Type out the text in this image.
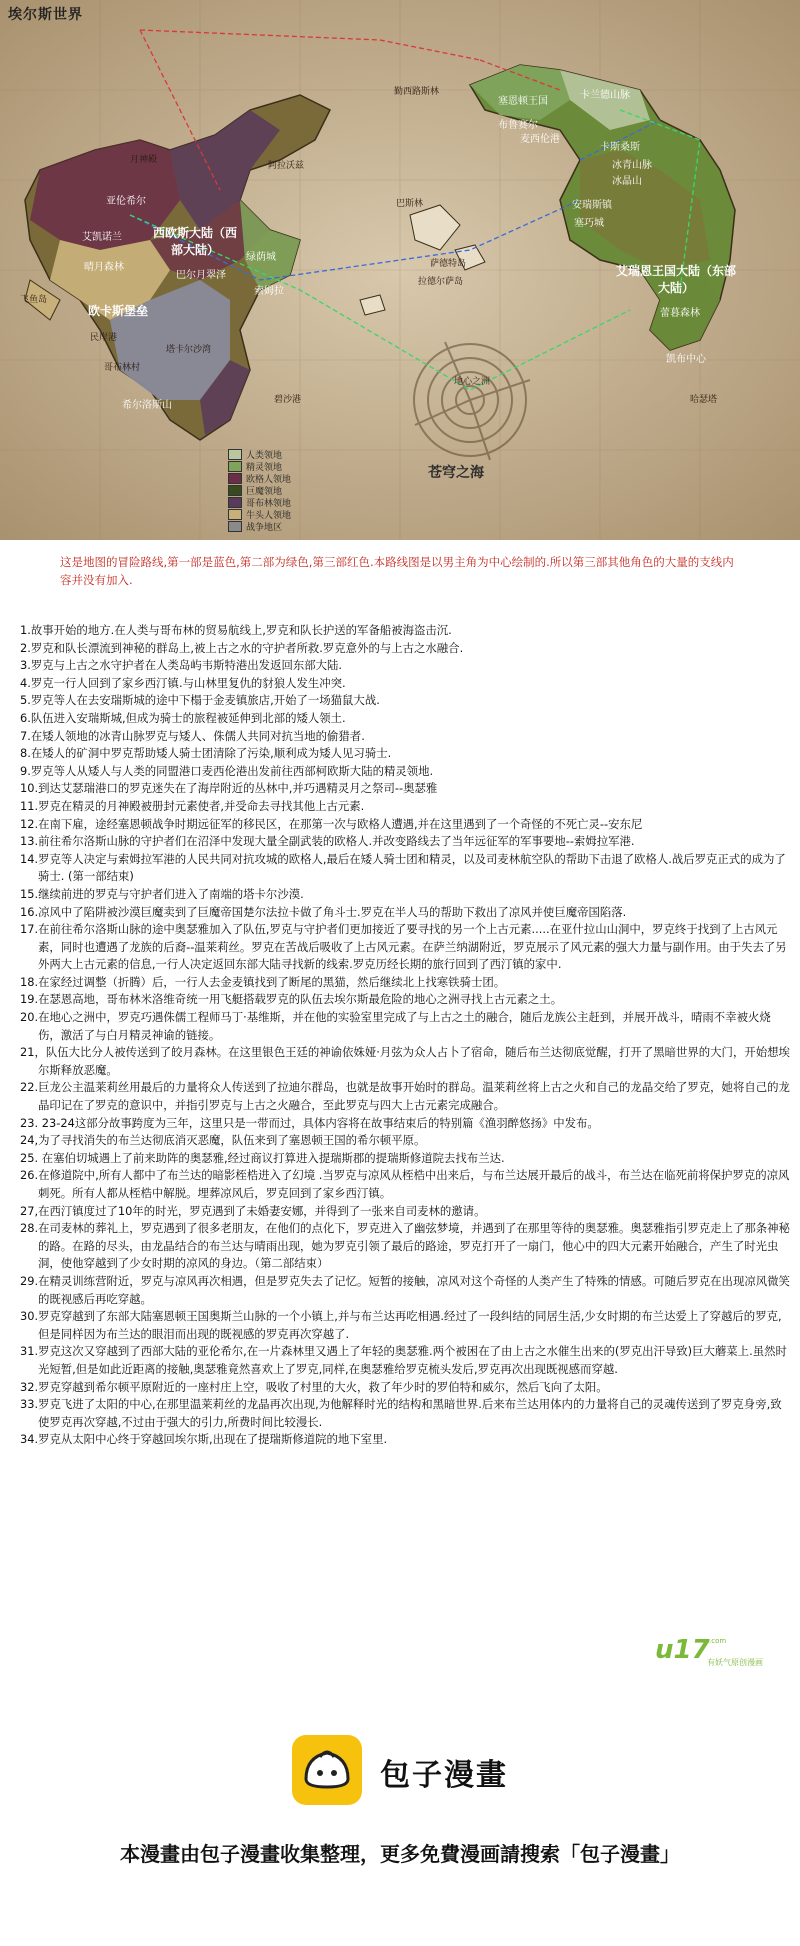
埃尔斯世界
勤西路斯林
塞恩顿王国
卡兰德山脉
布鲁赛尔
麦西伦港
卡斯桑斯
冰青山脉
冰晶山
安瑞斯镇
塞巧城
艾瑞恩王国大陆（东部大陆）
蕾暮森林
凯布中心
月神殿
阿拉沃兹
亚伦希尔
艾凯诺兰
晴月森林
西欧斯大陆（西部大陆）
巴尔月翠泽
绿荫城
索姆拉
飞鱼岛
欧卡斯堡垒
民岸港
塔卡尔沙湾
哥布林村
希尔洛斯山	碧沙港
巴斯林
萨德特岛
拉德尔萨岛
地心之洲
苍穹之海
哈瑟塔
人类领地
精灵领地
欧格人领地
巨魔领地
哥布林领地
牛头人领地
战争地区
这是地图的冒险路线,第一部是蓝色,第二部为绿色,第三部红色.本路线图是以男主角为中心绘制的.所以第三部其他角色的大量的支线内容并没有加入.
1.故事开始的地方.在人类与哥布林的贸易航线上,罗克和队长护送的军备船被海盗击沉.
2.罗克和队长漂流到神秘的群岛上,被上古之水的守护者所救.罗克意外的与上古之水融合.
3.罗克与上古之水守护者在人类岛屿韦斯特港出发返回东部大陆.
4.罗克一行人回到了家乡西汀镇.与山林里复仇的豺狼人发生冲突.
5.罗克等人在去安瑞斯城的途中下榻于金麦镇旅店,开始了一场猫鼠大战.
6.队伍进入安瑞斯城,但成为骑士的旅程被延伸到北部的矮人领土.
7.在矮人领地的冰青山脉罗克与矮人、侏儒人共同对抗当地的偷猎者.
8.在矮人的矿洞中罗克帮助矮人骑士团清除了污染,顺利成为矮人见习骑士.
9.罗克等人从矮人与人类的同盟港口麦西伦港出发前往西部柯欧斯大陆的精灵领地.
10.到达艾瑟瑞港口的罗克迷失在了海岸附近的丛林中,并巧遇精灵月之祭司--奥瑟雅
11.罗克在精灵的月神殿被册封元素使者,并受命去寻找其他上古元素.
12.在南下雇，途经塞恩顿战争时期远征军的移民区，在那第一次与欧格人遭遇,并在这里遇到了一个奇怪的不死亡灵--安东尼
13.前往希尔洛斯山脉的守护者们在沼泽中发现大量全副武装的欧格人.并改变路线去了当年远征军的军事要地--索姆拉军港.
14.罗克等人决定与索姆拉军港的人民共同对抗攻城的欧格人,最后在矮人骑士团和精灵，以及司麦林航空队的帮助下击退了欧格人.战后罗克正式的成为了骑士. (第一部结束)
15.继续前进的罗克与守护者们进入了南端的塔卡尔沙漠.
16.凉风中了陷阱被沙漠巨魔卖到了巨魔帝国楚尔法拉卡做了角斗士.罗克在半人马的帮助下救出了凉风并使巨魔帝国陷落.
17.在前往希尔洛斯山脉的途中奥瑟雅加入了队伍,罗克与守护者们更加接近了要寻找的另一个上古元素.....在亚什拉山山洞中，罗克终于找到了上古风元素，同时也遭遇了龙族的后裔--温莱莉丝。罗克在苦战后吸收了上古风元素。在萨兰纳湖附近，罗克展示了风元素的强大力量与副作用。由于失去了另外两大上古元素的信息,一行人决定返回东部大陆寻找新的线索.罗克历经长期的旅行回到了西汀镇的家中.
18.在家经过调整（折腾）后，一行人去金麦镇找到了断尾的黑猫，然后继续北上找寒铁骑士团。
19.在瑟恩高地，哥布林米洛维奇统一用飞艇搭载罗克的队伍去埃尔斯最危险的地心之洲寻找上古元素之土。
20.在地心之洲中，罗克巧遇侏儒工程师马丁·基维斯，并在他的实验室里完成了与上古之土的融合，随后龙族公主赶到，并展开战斗，晴雨不幸被火烧伤，激活了与白月精灵神谕的链接。
21，队伍大比分人被传送到了皎月森林。在这里银色王廷的神谕依姝娅·月弦为众人占卜了宿命，随后布兰达彻底觉醒，打开了黑暗世界的大门，开始想埃尔斯释放恶魔。
22.巨龙公主温莱莉丝用最后的力量将众人传送到了拉迪尔群岛，也就是故事开始时的群岛。温莱莉丝将上古之火和自己的龙晶交给了罗克，她将自己的龙晶印记在了罗克的意识中，并指引罗克与上古之火融合，至此罗克与四大上古元素完成融合。
23. 23-24这部分故事跨度为三年，这里只是一带而过，具体内容将在故事结束后的特别篇《渔羽醉悠扬》中发布。
24,为了寻找消失的布兰达彻底消灭恶魔，队伍来到了塞恩顿王国的希尔顿平原。
25. 在塞伯切城遇上了前来助阵的奥瑟雅,经过商议打算进入提瑞斯郡的提瑞斯修道院去找布兰达.
26.在修道院中,所有人都中了布兰达的暗影桎梏进入了幻境 .当罗克与凉风从桎梏中出来后，与布兰达展开最后的战斗，布兰达在临死前将保护罗克的凉风刺死。所有人都从桎梏中解脱。埋葬凉风后，罗克回到了家乡西汀镇。
27,在西汀镇度过了10年的时光，罗克遇到了未婚妻安娜，并得到了一张来自司麦林的邀请。
28.在司麦林的葬礼上，罗克遇到了很多老朋友，在他们的点化下，罗克进入了幽弦梦境，并遇到了在那里等待的奥瑟雅。奥瑟雅指引罗克走上了那条神秘的路。在路的尽头，由龙晶结合的布兰达与晴雨出现，她为罗克引领了最后的路途，罗克打开了一扇门，他心中的四大元素开始融合，产生了时光虫洞，使他穿越到了少女时期的凉风的身边。（第二部结束）
29.在精灵训练营附近，罗克与凉风再次相遇，但是罗克失去了记忆。短暂的接触，凉风对这个奇怪的人类产生了特殊的情感。可随后罗克在出现凉风微笑的既视感后再吃穿越。
30.罗克穿越到了东部大陆塞恩顿王国奥斯兰山脉的一个小镇上,并与布兰达再吃相遇.经过了一段纠结的同居生活,少女时期的布兰达爱上了穿越后的罗克,但是同样因为布兰达的眼泪而出现的既视感的罗克再次穿越了.
31.罗克这次又穿越到了西部大陆的亚伦希尔,在一片森林里又遇上了年轻的奥瑟雅.两个被困在了由上古之水催生出来的(罗克出汗导致)巨大蘑菜上.虽然时光短暂,但是如此近距离的接触,奥瑟雅竟然喜欢上了罗克,同样,在奥瑟雅给罗克梳头发后,罗克再次出现既视感而穿越.
32.罗克穿越到希尔顿平原附近的一座村庄上空，吸收了村里的大火，救了年少时的罗伯特和威尔，然后飞向了太阳。
33.罗克飞进了太阳的中心,在那里温莱莉丝的龙晶再次出现,为他解释时光的结构和黑暗世界.后来布兰达用体内的力量将自己的灵魂传送到了罗克身旁,致使罗克再次穿越,不过由于强大的引力,所费时间比较漫长.
34.罗克从太阳中心终于穿越回埃尔斯,出现在了提瑞斯修道院的地下室里.
u17 .com
有妖气原创漫画
包子漫畫
本漫畫由包子漫畫收集整理，更多免費漫画請搜索「包子漫畫」
